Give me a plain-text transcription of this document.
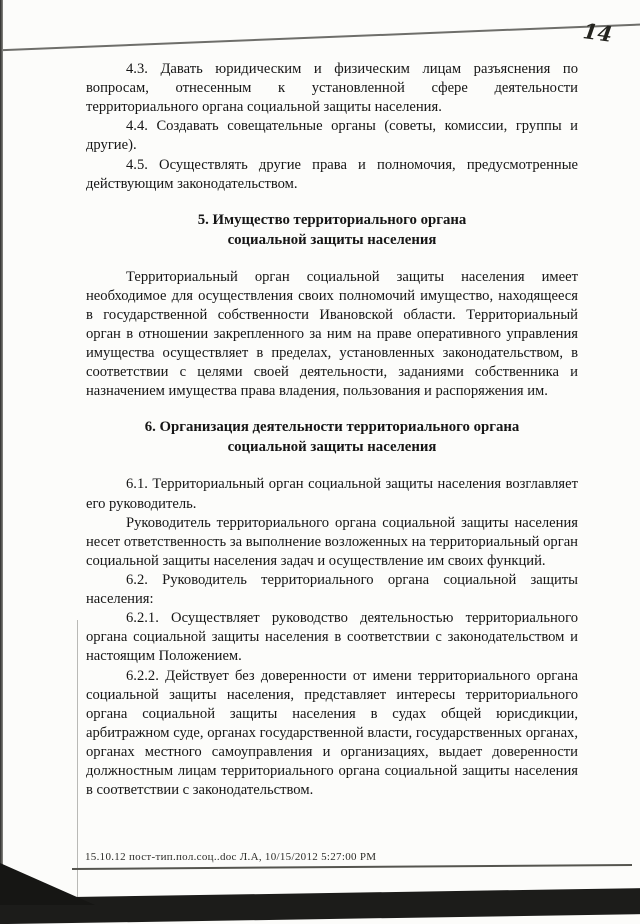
14

4.3. Давать юридическим и физическим лицам разъяснения по вопросам, отнесенным к установленной сфере деятельности территориального органа социальной защиты населения.

4.4. Создавать совещательные органы (советы, комиссии, группы и другие).

4.5. Осуществлять другие права и полномочия, предусмотренные действующим законодательством.

5. Имущество территориального органа
социальной защиты населения

Территориальный орган социальной защиты населения имеет необходимое для осуществления своих полномочий имущество, находящееся в государственной собственности Ивановской области. Территориальный орган в отношении закрепленного за ним на праве оперативного управления имущества осуществляет в пределах, установленных законодательством, в соответствии с целями своей деятельности, заданиями собственника и назначением имущества права владения, пользования и распоряжения им.

6. Организация деятельности территориального органа
социальной защиты населения

6.1. Территориальный орган социальной защиты населения возглавляет его руководитель.

Руководитель территориального органа социальной защиты населения несет ответственность за выполнение возложенных на территориальный орган социальной защиты населения задач и осуществление им своих функций.

6.2. Руководитель территориального органа социальной защиты населения:

6.2.1. Осуществляет руководство деятельностью территориального органа социальной защиты населения в соответствии с законодательством и настоящим Положением.

6.2.2. Действует без доверенности от имени территориального органа социальной защиты населения, представляет интересы территориального органа социальной защиты населения в судах общей юрисдикции, арбитражном суде, органах государственной власти, государственных органах, органах местного самоуправления и организациях, выдает доверенности должностным лицам территориального органа социальной защиты населения в соответствии с законодательством.

15.10.12 пост-тип.пол.соц..doc Л.А, 10/15/2012 5:27:00 PM
